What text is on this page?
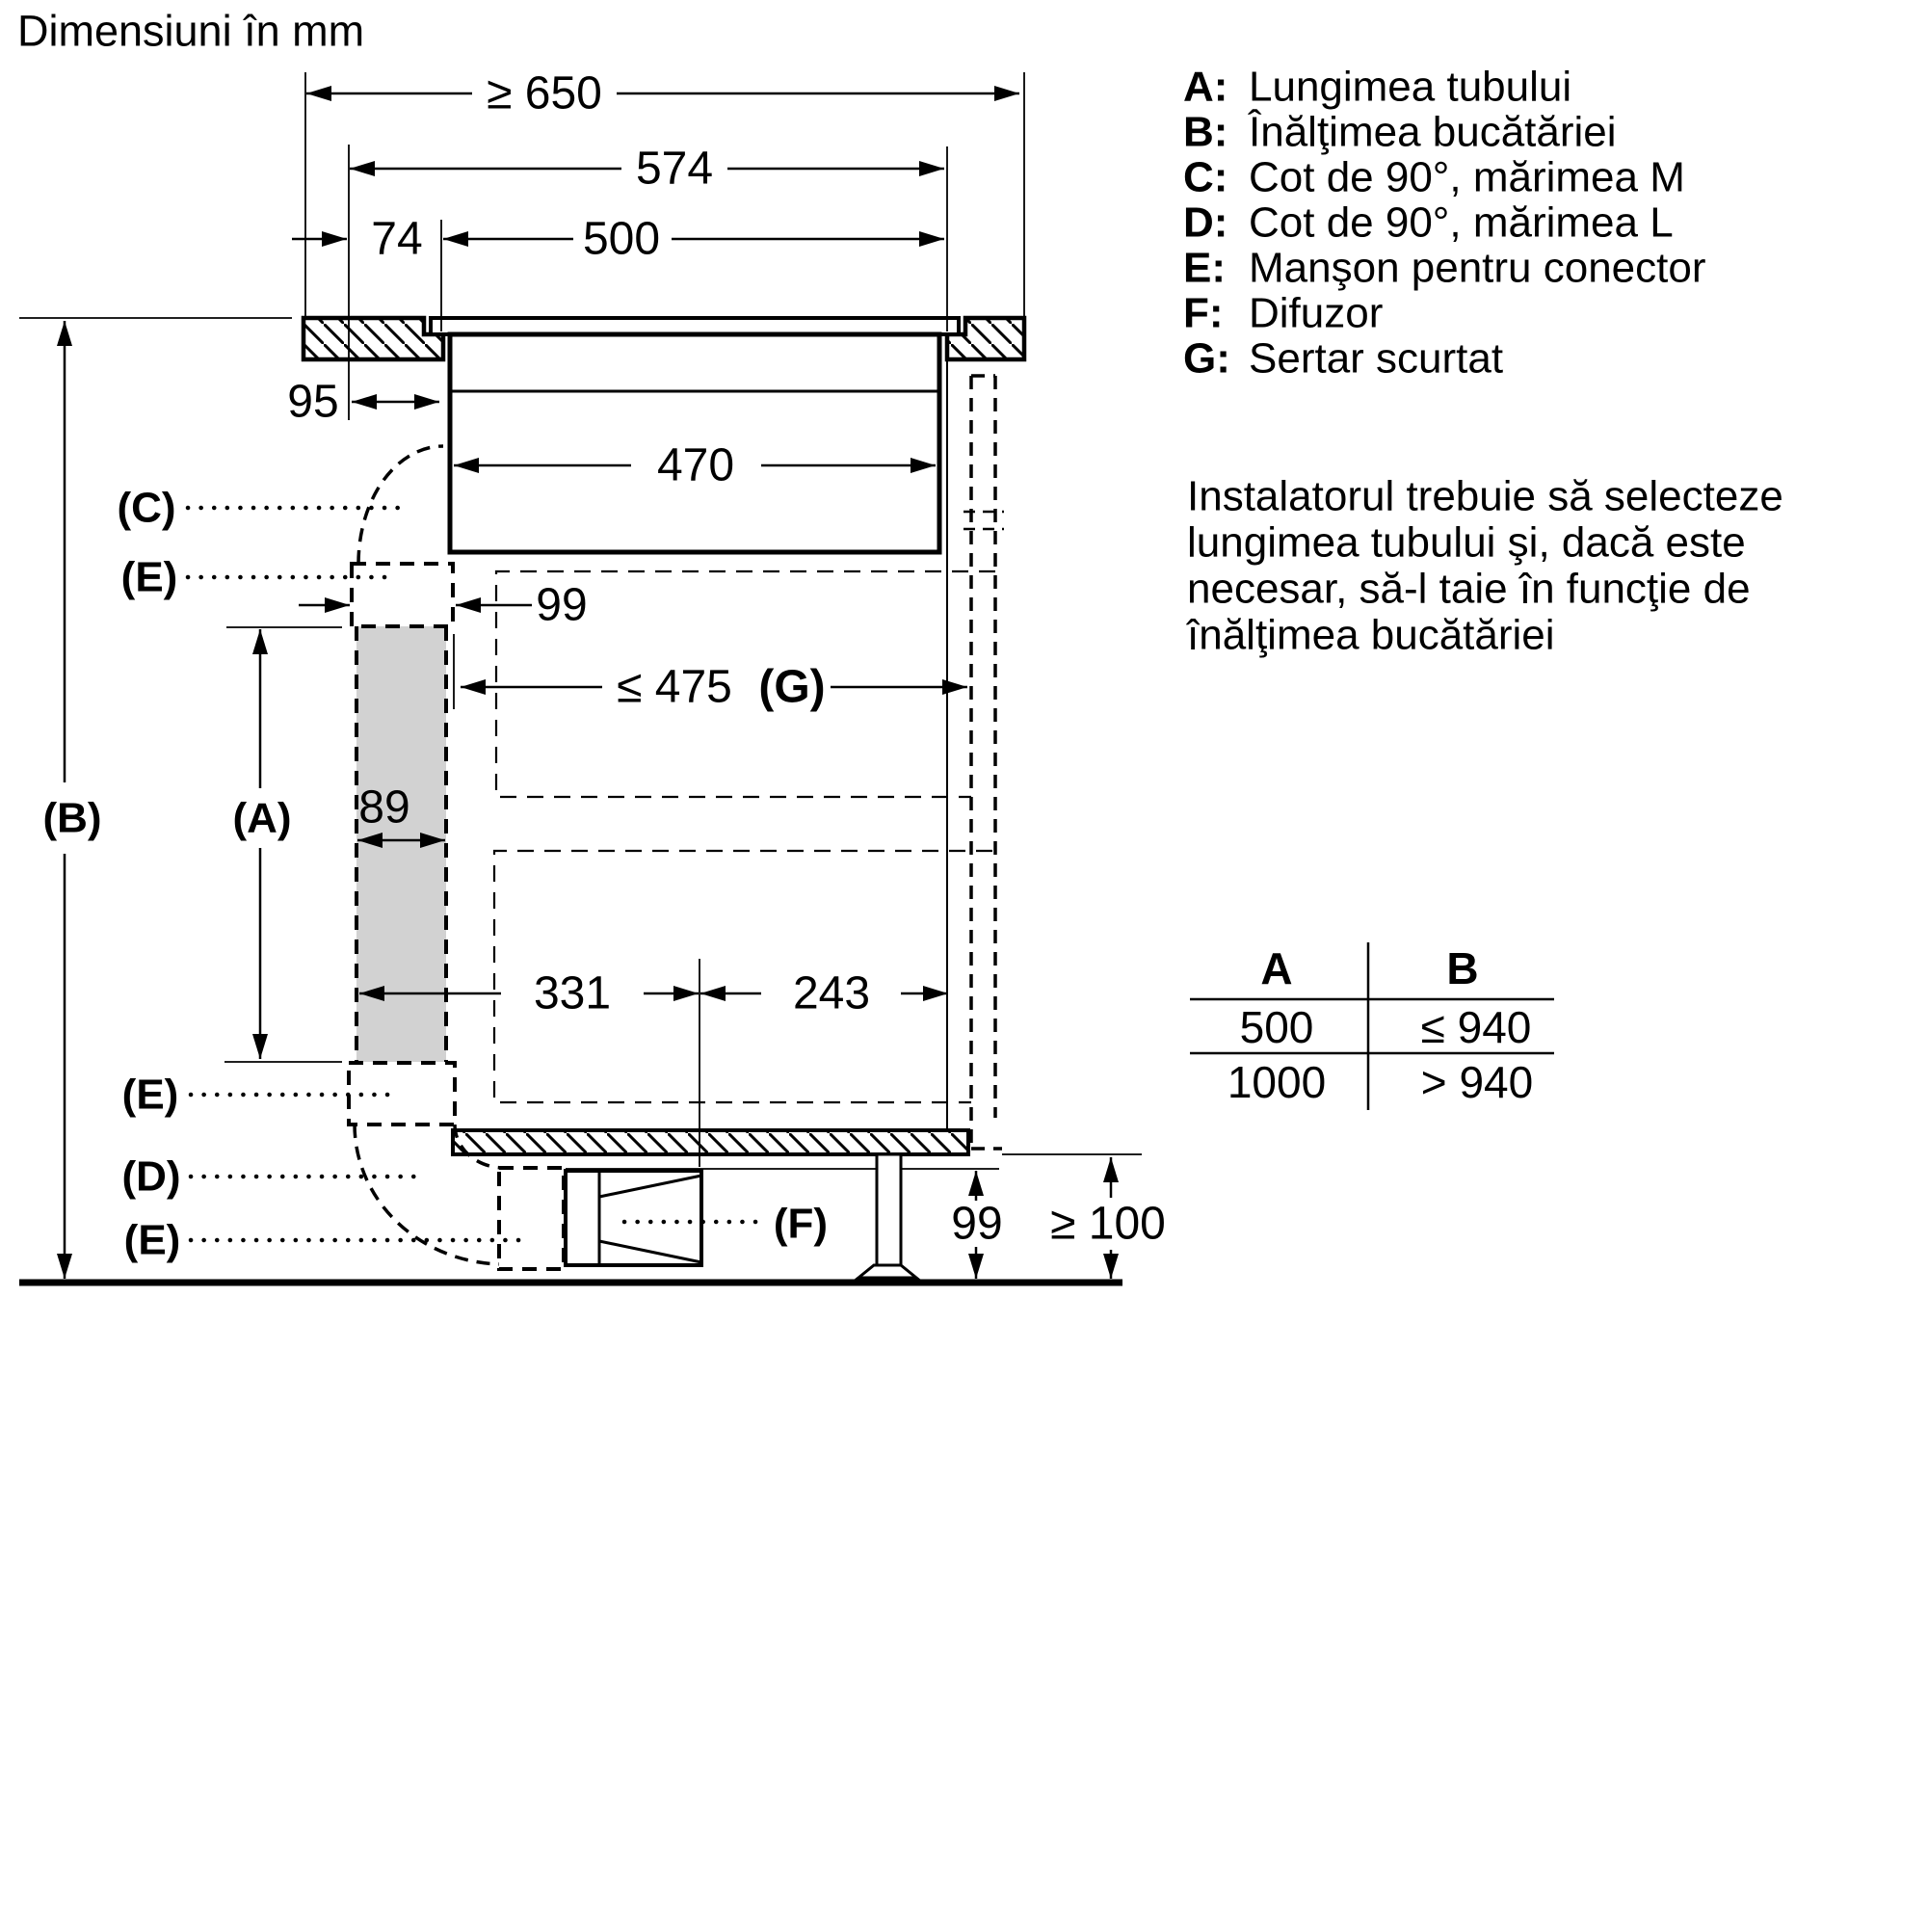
Dimensiuni în mm
≥ 650
574
74	500
95
470
99
≤ 475 (G)
89
331	243
99 ≥ 100
(C)
(E)
(B)	(A)
(E)
(D)
(E)	(F)
A: Lungimea tubului
B: Înălţimea bucătăriei
C: Cot de 90°, mărimea M
D: Cot de 90°, mărimea L
E: Manşon pentru conector
F: Difuzor
G: Sertar scurtat
Instalatorul trebuie să selecteze
lungimea tubului şi, dacă este
necesar, să-l taie în funcţie de
înălţimea bucătăriei
A	B
500 ≤ 940
1000 > 940
